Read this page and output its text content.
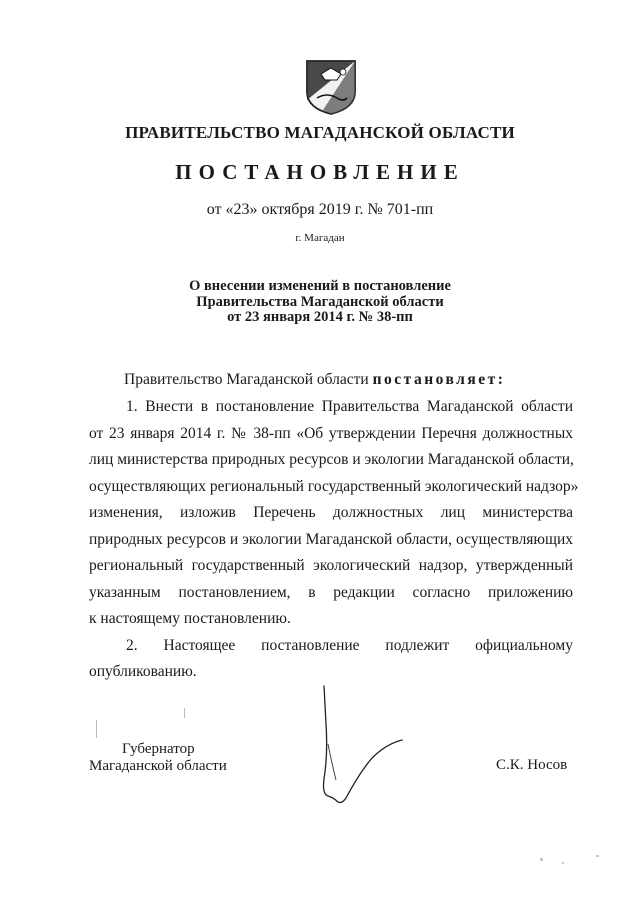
ПРАВИТЕЛЬСТВО МАГАДАНСКОЙ ОБЛАСТИ
ПОСТАНОВЛЕНИЕ
от «23» октября 2019 г. № 701-пп
г. Магадан
О внесении изменений в постановление
Правительства Магаданской области
от 23 января 2014 г. № 38-пп
Правительство Магаданской области постановляет:
1. Внести в постановление Правительства Магаданской области
от 23 января 2014 г. № 38-пп «Об утверждении Перечня должностных
лиц министерства природных ресурсов и экологии Магаданской области,
осуществляющих региональный государственный экологический надзор»
изменения, изложив Перечень должностных лиц министерства
природных ресурсов и экологии Магаданской области, осуществляющих
региональный государственный экологический надзор, утвержденный
указанным постановлением, в редакции согласно приложению
к настоящему постановлению.
2. Настоящее постановление подлежит официальному
опубликованию.
Губернатор
Магаданской области	С.К. Носов
